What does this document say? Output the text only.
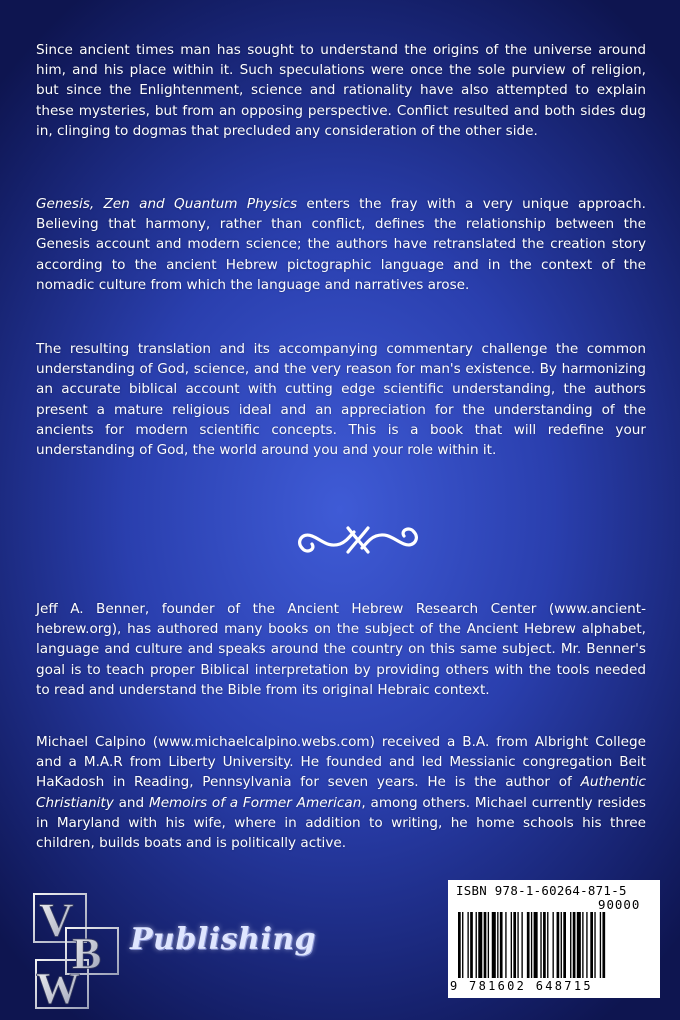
Since ancient times man has sought to understand the origins of the universe around him, and his place within it. Such speculations were once the sole purview of religion, but since the Enlightenment, science and rationality have also attempted to explain these mysteries, but from an opposing perspective. Conflict resulted and both sides dug in, clinging to dogmas that precluded any consideration of the other side.

Genesis, Zen and Quantum Physics enters the fray with a very unique approach. Believing that harmony, rather than conflict, defines the relationship between the Genesis account and modern science; the authors have retranslated the creation story according to the ancient Hebrew pictographic language and in the context of the nomadic culture from which the language and narratives arose.

The resulting translation and its accompanying commentary challenge the common understanding of God, science, and the very reason for man's existence. By harmonizing an accurate biblical account with cutting edge scientific understanding, the authors present a mature religious ideal and an appreciation for the understanding of the ancients for modern scientific concepts. This is a book that will redefine your understanding of God, the world around you and your role within it.

Jeff A. Benner, founder of the Ancient Hebrew Research Center (www.ancient-hebrew.org), has authored many books on the subject of the Ancient Hebrew alphabet, language and culture and speaks around the country on this same subject. Mr. Benner's goal is to teach proper Biblical interpretation by providing others with the tools needed to read and understand the Bible from its original Hebraic context.

Michael Calpino (www.michaelcalpino.webs.com) received a B.A. from Albright College and a M.A.R from Liberty University. He founded and led Messianic congregation Beit HaKadosh in Reading, Pennsylvania for seven years. He is the author of Authentic Christianity and Memoirs of a Former American, among others. Michael currently resides in Maryland with his wife, where in addition to writing, he home schools his three children, builds boats and is politically active.

V
B
W
Publishing
ISBN 978-1-60264-871-5
90000
9 781602 648715
